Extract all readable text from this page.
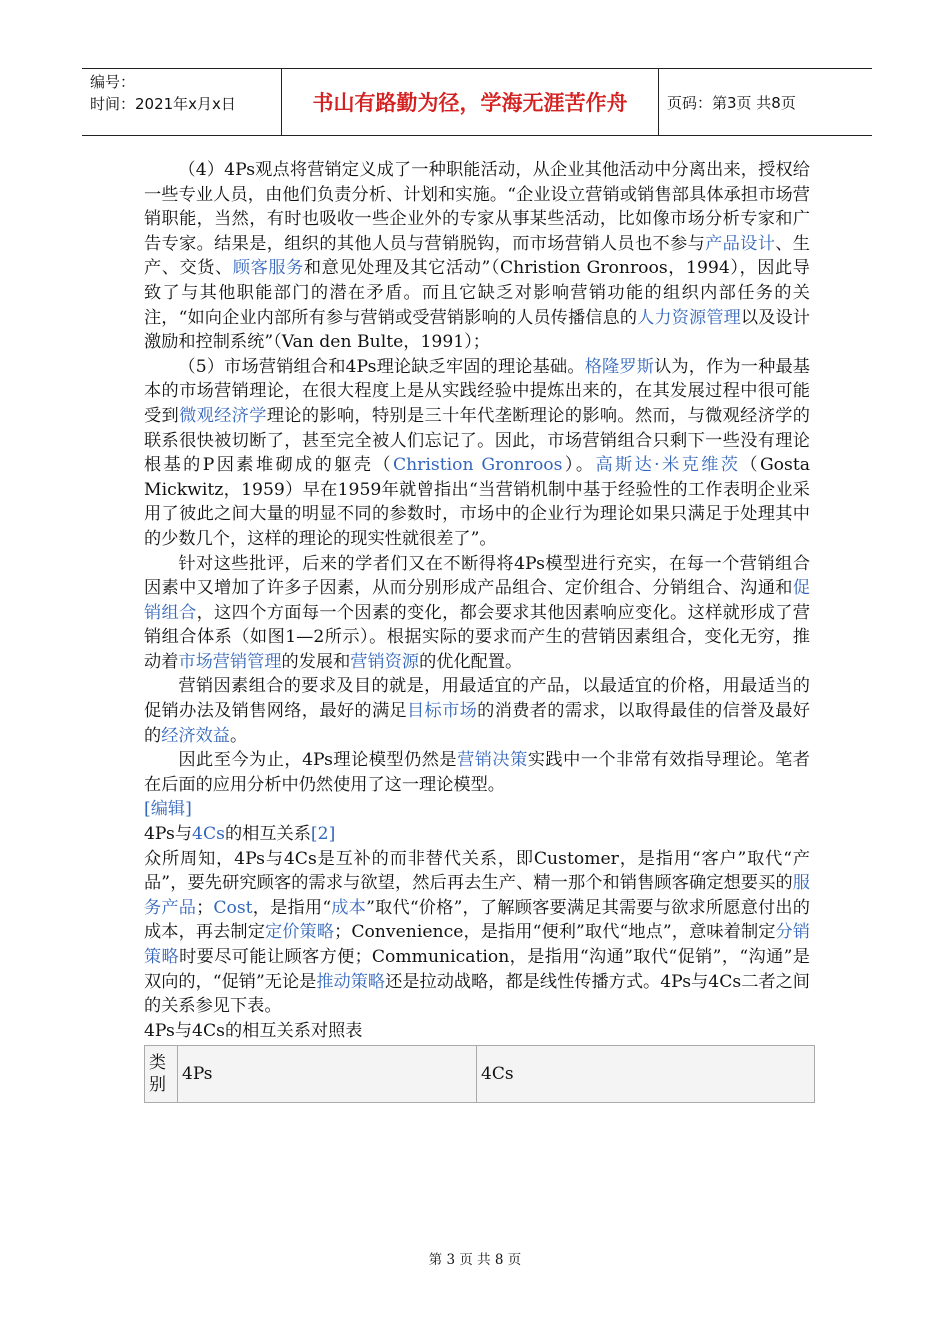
编号：
时间：2021年x月x日	书山有路勤为径，学海无涯苦作舟	页码：第3页 共8页

（4）4Ps观点将营销定义成了一种职能活动，从企业其他活动中分离出来，授权给一些专业人员，由他们负责分析、计划和实施。“企业设立营销或销售部具体承担市场营销职能，当然，有时也吸收一些企业外的专家从事某些活动，比如像市场分析专家和广告专家。结果是，组织的其他人员与营销脱钩，而市场营销人员也不参与产品设计、生产、交货、顾客服务和意见处理及其它活动”（Christion Gronroos，1994），因此导致了与其他职能部门的潜在矛盾。而且它缺乏对影响营销功能的组织内部任务的关注，“如向企业内部所有参与营销或受营销影响的人员传播信息的人力资源管理以及设计激励和控制系统”（Van den Bulte，1991）；

（5）市场营销组合和4Ps理论缺乏牢固的理论基础。格隆罗斯认为，作为一种最基本的市场营销理论，在很大程度上是从实践经验中提炼出来的，在其发展过程中很可能受到微观经济学理论的影响，特别是三十年代垄断理论的影响。然而，与微观经济学的联系很快被切断了，甚至完全被人们忘记了。因此，市场营销组合只剩下一些没有理论根基的P因素堆砌成的躯壳（Christion Gronroos）。高斯达·米克维茨（Gosta Mickwitz，1959）早在1959年就曾指出“当营销机制中基于经验性的工作表明企业采用了彼此之间大量的明显不同的参数时，市场中的企业行为理论如果只满足于处理其中的少数几个，这样的理论的现实性就很差了”。

针对这些批评，后来的学者们又在不断得将4Ps模型进行充实，在每一个营销组合因素中又增加了许多子因素，从而分别形成产品组合、定价组合、分销组合、沟通和促销组合，这四个方面每一个因素的变化，都会要求其他因素响应变化。这样就形成了营销组合体系（如图1—2所示）。根据实际的要求而产生的营销因素组合，变化无穷，推动着市场营销管理的发展和营销资源的优化配置。

营销因素组合的要求及目的就是，用最适宜的产品，以最适宜的价格，用最适当的促销办法及销售网络，最好的满足目标市场的消费者的需求，以取得最佳的信誉及最好的经济效益。

因此至今为止，4Ps理论模型仍然是营销决策实践中一个非常有效指导理论。笔者在后面的应用分析中仍然使用了这一理论模型。

[编辑]

4Ps与4Cs的相互关系[2]

众所周知，4Ps与4Cs是互补的而非替代关系，即Customer，是指用“客户”取代“产品”，要先研究顾客的需求与欲望，然后再去生产、精一那个和销售顾客确定想要买的服务产品；Cost，是指用“成本”取代“价格”，了解顾客要满足其需要与欲求所愿意付出的成本，再去制定定价策略；Convenience，是指用“便利”取代“地点”，意味着制定分销策略时要尽可能让顾客方便；Communication，是指用“沟通”取代“促销”，“沟通”是双向的，“促销”无论是推动策略还是拉动战略，都是线性传播方式。4Ps与4Cs二者之间的关系参见下表。

4Ps与4Cs的相互关系对照表

类别	4Ps	4Cs
第 3 页 共 8 页
